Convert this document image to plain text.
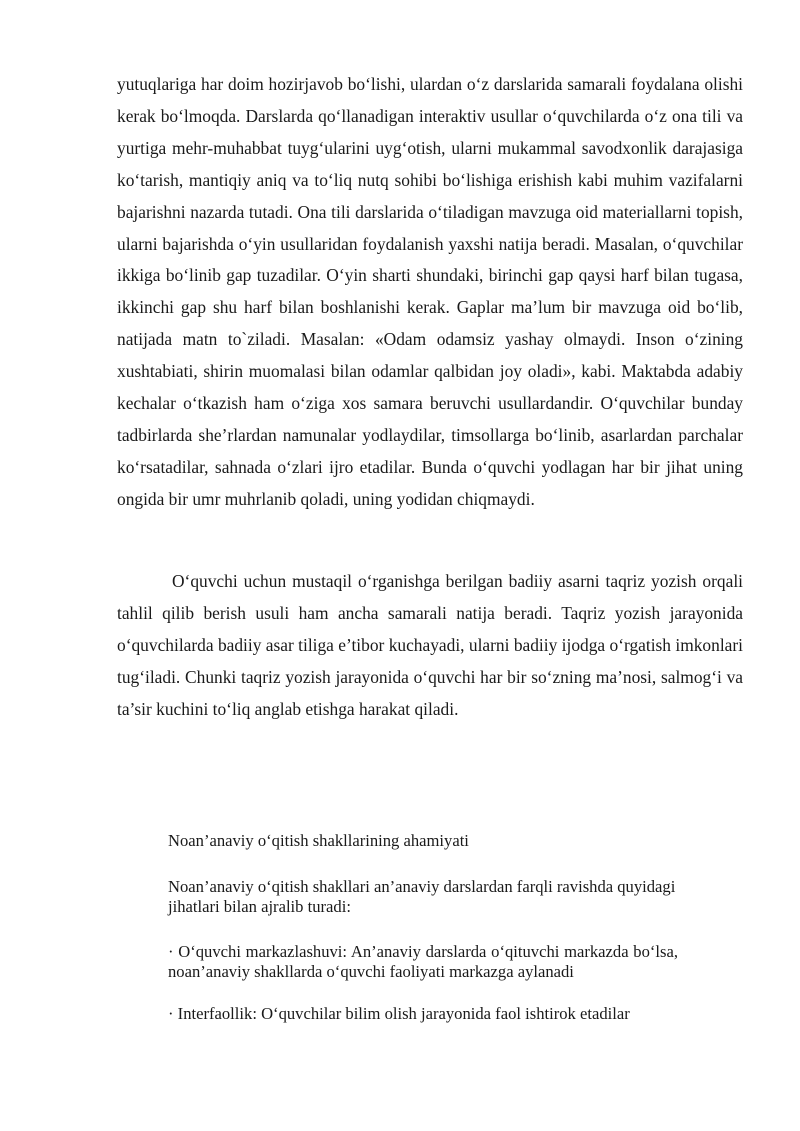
yutuqlariga har doim hozirjavob bo‘lishi, ulardan o‘z darslarida samarali foydalana olishi kerak bo‘lmoqda. Darslarda qo‘llanadigan interaktiv usullar o‘quvchilarda o‘z ona tili va yurtiga mehr-muhabbat tuyg‘ularini uyg‘otish, ularni mukammal savodxonlik darajasiga ko‘tarish, mantiqiy aniq va to‘liq nutq sohibi bo‘lishiga erishish kabi muhim vazifalarni bajarishni nazarda tutadi. Ona tili darslarida o‘tiladigan mavzuga oid materiallarni topish, ularni bajarishda o‘yin usullaridan foydalanish yaxshi natija beradi. Masalan, o‘quvchilar ikkiga bo‘linib gap tuzadilar. O‘yin sharti shundaki, birinchi gap qaysi harf bilan tugasa, ikkinchi gap shu harf bilan boshlanishi kerak. Gaplar ma’lum bir mavzuga oid bo‘lib, natijada matn to`ziladi. Masalan: «Odam odamsiz yashay olmaydi. Inson o‘zining xushtabiati, shirin muomalasi bilan odamlar qalbidan joy oladi», kabi. Maktabda adabiy kechalar o‘tkazish ham o‘ziga xos samara beruvchi usullardandir. O‘quvchilar bunday tadbirlarda she’rlardan namunalar yodlaydilar, timsollarga bo‘linib, asarlardan parchalar ko‘rsatadilar, sahnada o‘zlari ijro etadilar. Bunda o‘quvchi yodlagan har bir jihat uning ongida bir umr muhrlanib qoladi, uning yodidan chiqmaydi.

O‘quvchi uchun mustaqil o‘rganishga berilgan badiiy asarni taqriz yozish orqali tahlil qilib berish usuli ham ancha samarali natija beradi. Taqriz yozish jarayonida o‘quvchilarda badiiy asar tiliga e’tibor kuchayadi, ularni badiiy ijodga o‘rgatish imkonlari tug‘iladi. Chunki taqriz yozish jarayonida o‘quvchi har bir so‘zning ma’nosi, salmog‘i va ta’sir kuchini to‘liq anglab etishga harakat qiladi.

Noan’anaviy o‘qitish shakllarining ahamiyati

Noan’anaviy o‘qitish shakllari an’anaviy darslardan farqli ravishda quyidagi jihatlari bilan ajralib turadi:

· O‘quvchi markazlashuvi: An’anaviy darslarda o‘qituvchi markazda bo‘lsa, noan’anaviy shakllarda o‘quvchi faoliyati markazga aylanadi

· Interfaollik: O‘quvchilar bilim olish jarayonida faol ishtirok etadilar
